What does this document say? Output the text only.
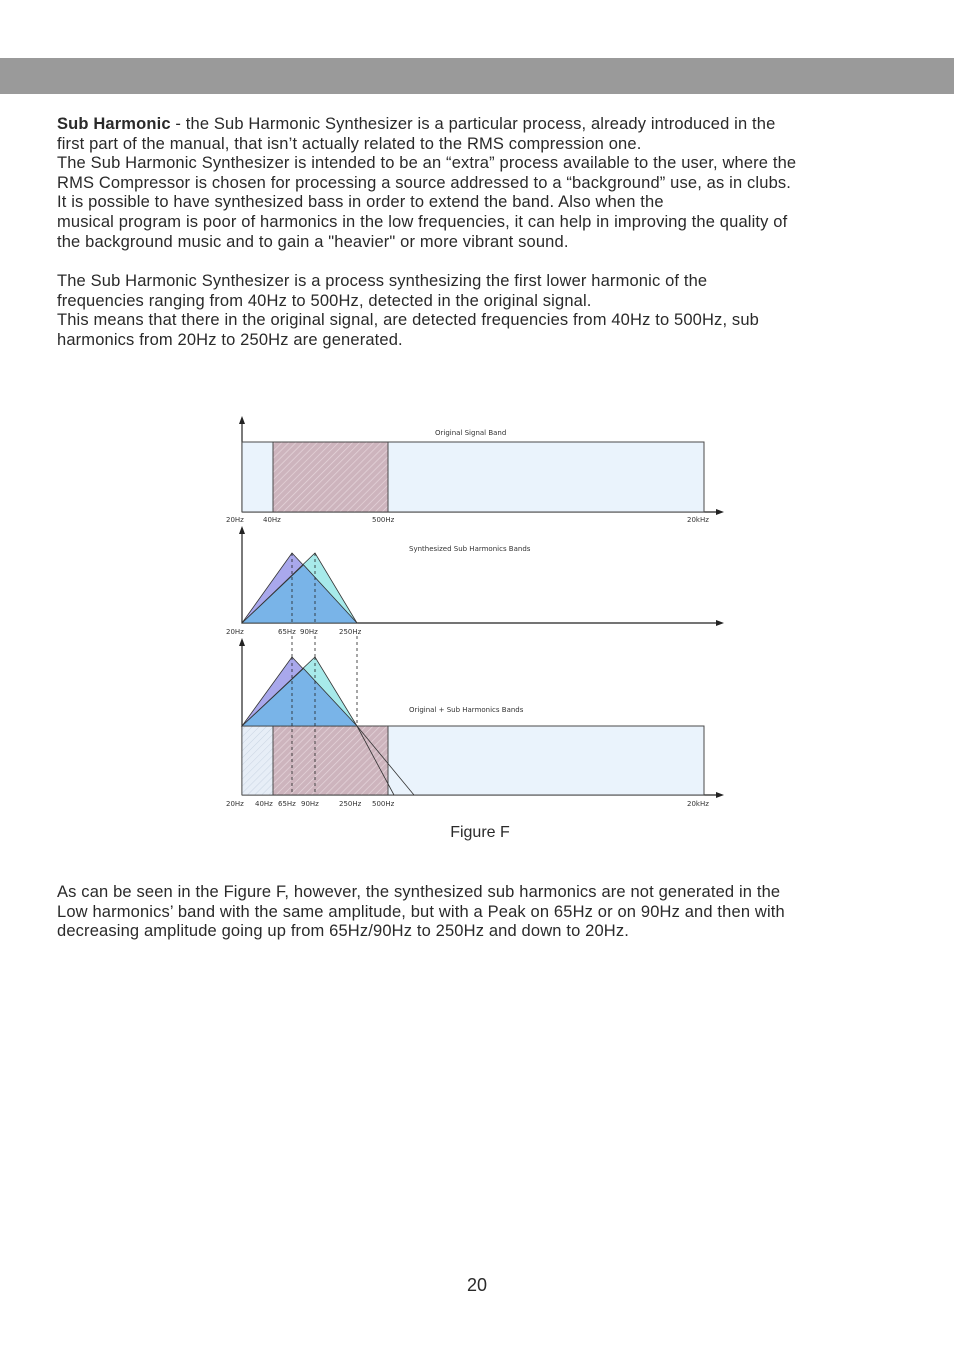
Sub Harmonic - the Sub Harmonic Synthesizer is a particular process, already introduced in the
first part of the manual, that isn’t actually related to the RMS compression one.
The Sub Harmonic Synthesizer is intended to be an “extra” process available to the user, where the
RMS Compressor is chosen for processing a source addressed to a “background” use, as in clubs.
It is possible to have synthesized bass in order to extend the band. Also when the
musical program is poor of harmonics in the low frequencies, it can help in improving the quality of
the background music and to gain a "heavier" or more vibrant sound.
The Sub Harmonic Synthesizer is a process synthesizing the first lower harmonic of the
frequencies ranging from 40Hz to 500Hz, detected in the original signal.
This means that there in the original signal, are detected frequencies from 40Hz to 500Hz, sub
harmonics from 20Hz to 250Hz are generated.
Original Signal Band
20Hz	40Hz	500Hz	20kHz
Synthesized Sub Harmonics Bands
20Hz	65Hz 90Hz	250Hz
Original + Sub Harmonics Bands
20Hz 40Hz 65Hz 90Hz	250Hz 500Hz	20kHz
Figure F
As can be seen in the Figure F, however, the synthesized sub harmonics are not generated in the
Low harmonics’ band with the same amplitude, but with a Peak on 65Hz or on 90Hz and then with
decreasing amplitude going up from 65Hz/90Hz to 250Hz and down to 20Hz.
20
